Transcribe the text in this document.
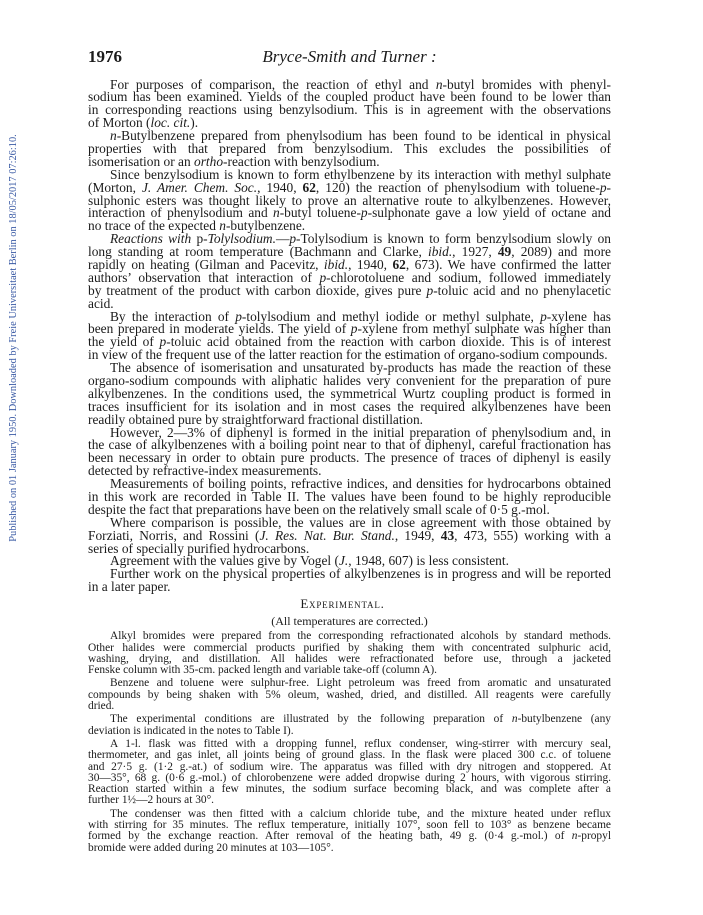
Published on 01 January 1950. Downloaded by Freie Universitaet Berlin on 18/05/2017 07:26:10.
1976	Bryce-Smith and Turner :
For purposes of comparison, the reaction of ethyl and n-butyl bromides with phenyl-
sodium has been examined. Yields of the coupled product have been found to be lower than
in corresponding reactions using benzylsodium. This is in agreement with the observations
of Morton (loc. cit.).
n-Butylbenzene prepared from phenylsodium has been found to be identical in physical
properties with that prepared from benzylsodium. This excludes the possibilities of
isomerisation or an ortho-reaction with benzylsodium.
Since benzylsodium is known to form ethylbenzene by its interaction with methyl sulphate
(Morton, J. Amer. Chem. Soc., 1940, 62, 120) the reaction of phenylsodium with toluene-p-
sulphonic esters was thought likely to prove an alternative route to alkylbenzenes. However,
interaction of phenylsodium and n-butyl toluene-p-sulphonate gave a low yield of octane and
no trace of the expected n-butylbenzene.
Reactions with p-Tolylsodium.—p-Tolylsodium is known to form benzylsodium slowly on
long standing at room temperature (Bachmann and Clarke, ibid., 1927, 49, 2089) and more
rapidly on heating (Gilman and Pacevitz, ibid., 1940, 62, 673). We have confirmed the latter
authors’ observation that interaction of p-chlorotoluene and sodium, followed immediately
by treatment of the product with carbon dioxide, gives pure p-toluic acid and no phenylacetic
acid.
By the interaction of p-tolylsodium and methyl iodide or methyl sulphate, p-xylene has
been prepared in moderate yields. The yield of p-xylene from methyl sulphate was higher than
the yield of p-toluic acid obtained from the reaction with carbon dioxide. This is of interest
in view of the frequent use of the latter reaction for the estimation of organo-sodium compounds.
The absence of isomerisation and unsaturated by-products has made the reaction of these
organo-sodium compounds with aliphatic halides very convenient for the preparation of pure
alkylbenzenes. In the conditions used, the symmetrical Wurtz coupling product is formed in
traces insufficient for its isolation and in most cases the required alkylbenzenes have been
readily obtained pure by straightforward fractional distillation.
However, 2—3% of diphenyl is formed in the initial preparation of phenylsodium and, in
the case of alkylbenzenes with a boiling point near to that of diphenyl, careful fractionation has
been necessary in order to obtain pure products. The presence of traces of diphenyl is easily
detected by refractive-index measurements.
Measurements of boiling points, refractive indices, and densities for hydrocarbons obtained
in this work are recorded in Table II. The values have been found to be highly reproducible
despite the fact that preparations have been on the relatively small scale of 0·5 g.-mol.
Where comparison is possible, the values are in close agreement with those obtained by
Forziati, Norris, and Rossini (J. Res. Nat. Bur. Stand., 1949, 43, 473, 555) working with a
series of specially purified hydrocarbons.
Agreement with the values give by Vogel (J., 1948, 607) is less consistent.
Further work on the physical properties of alkylbenzenes is in progress and will be reported
in a later paper.
Experimental.
(All temperatures are corrected.)
Alkyl bromides were prepared from the corresponding refractionated alcohols by standard methods.
Other halides were commercial products purified by shaking them with concentrated sulphuric acid,
washing, drying, and distillation. All halides were refractionated before use, through a jacketed
Fenske column with 35-cm. packed length and variable take-off (column A).
Benzene and toluene were sulphur-free. Light petroleum was freed from aromatic and unsaturated
compounds by being shaken with 5% oleum, washed, dried, and distilled. All reagents were carefully
dried.
The experimental conditions are illustrated by the following preparation of n-butylbenzene (any
deviation is indicated in the notes to Table I).
A 1-l. flask was fitted with a dropping funnel, reflux condenser, wing-stirrer with mercury seal,
thermometer, and gas inlet, all joints being of ground glass. In the flask were placed 300 c.c. of toluene
and 27·5 g. (1·2 g.-at.) of sodium wire. The apparatus was filled with dry nitrogen and stoppered. At
30—35°, 68 g. (0·6 g.-mol.) of chlorobenzene were added dropwise during 2 hours, with vigorous stirring.
Reaction started within a few minutes, the sodium surface becoming black, and was complete after a
further 1½—2 hours at 30°.
The condenser was then fitted with a calcium chloride tube, and the mixture heated under reflux
with stirring for 35 minutes. The reflux temperature, initially 107°, soon fell to 103° as benzene became
formed by the exchange reaction. After removal of the heating bath, 49 g. (0·4 g.-mol.) of n-propyl
bromide were added during 20 minutes at 103—105°.
